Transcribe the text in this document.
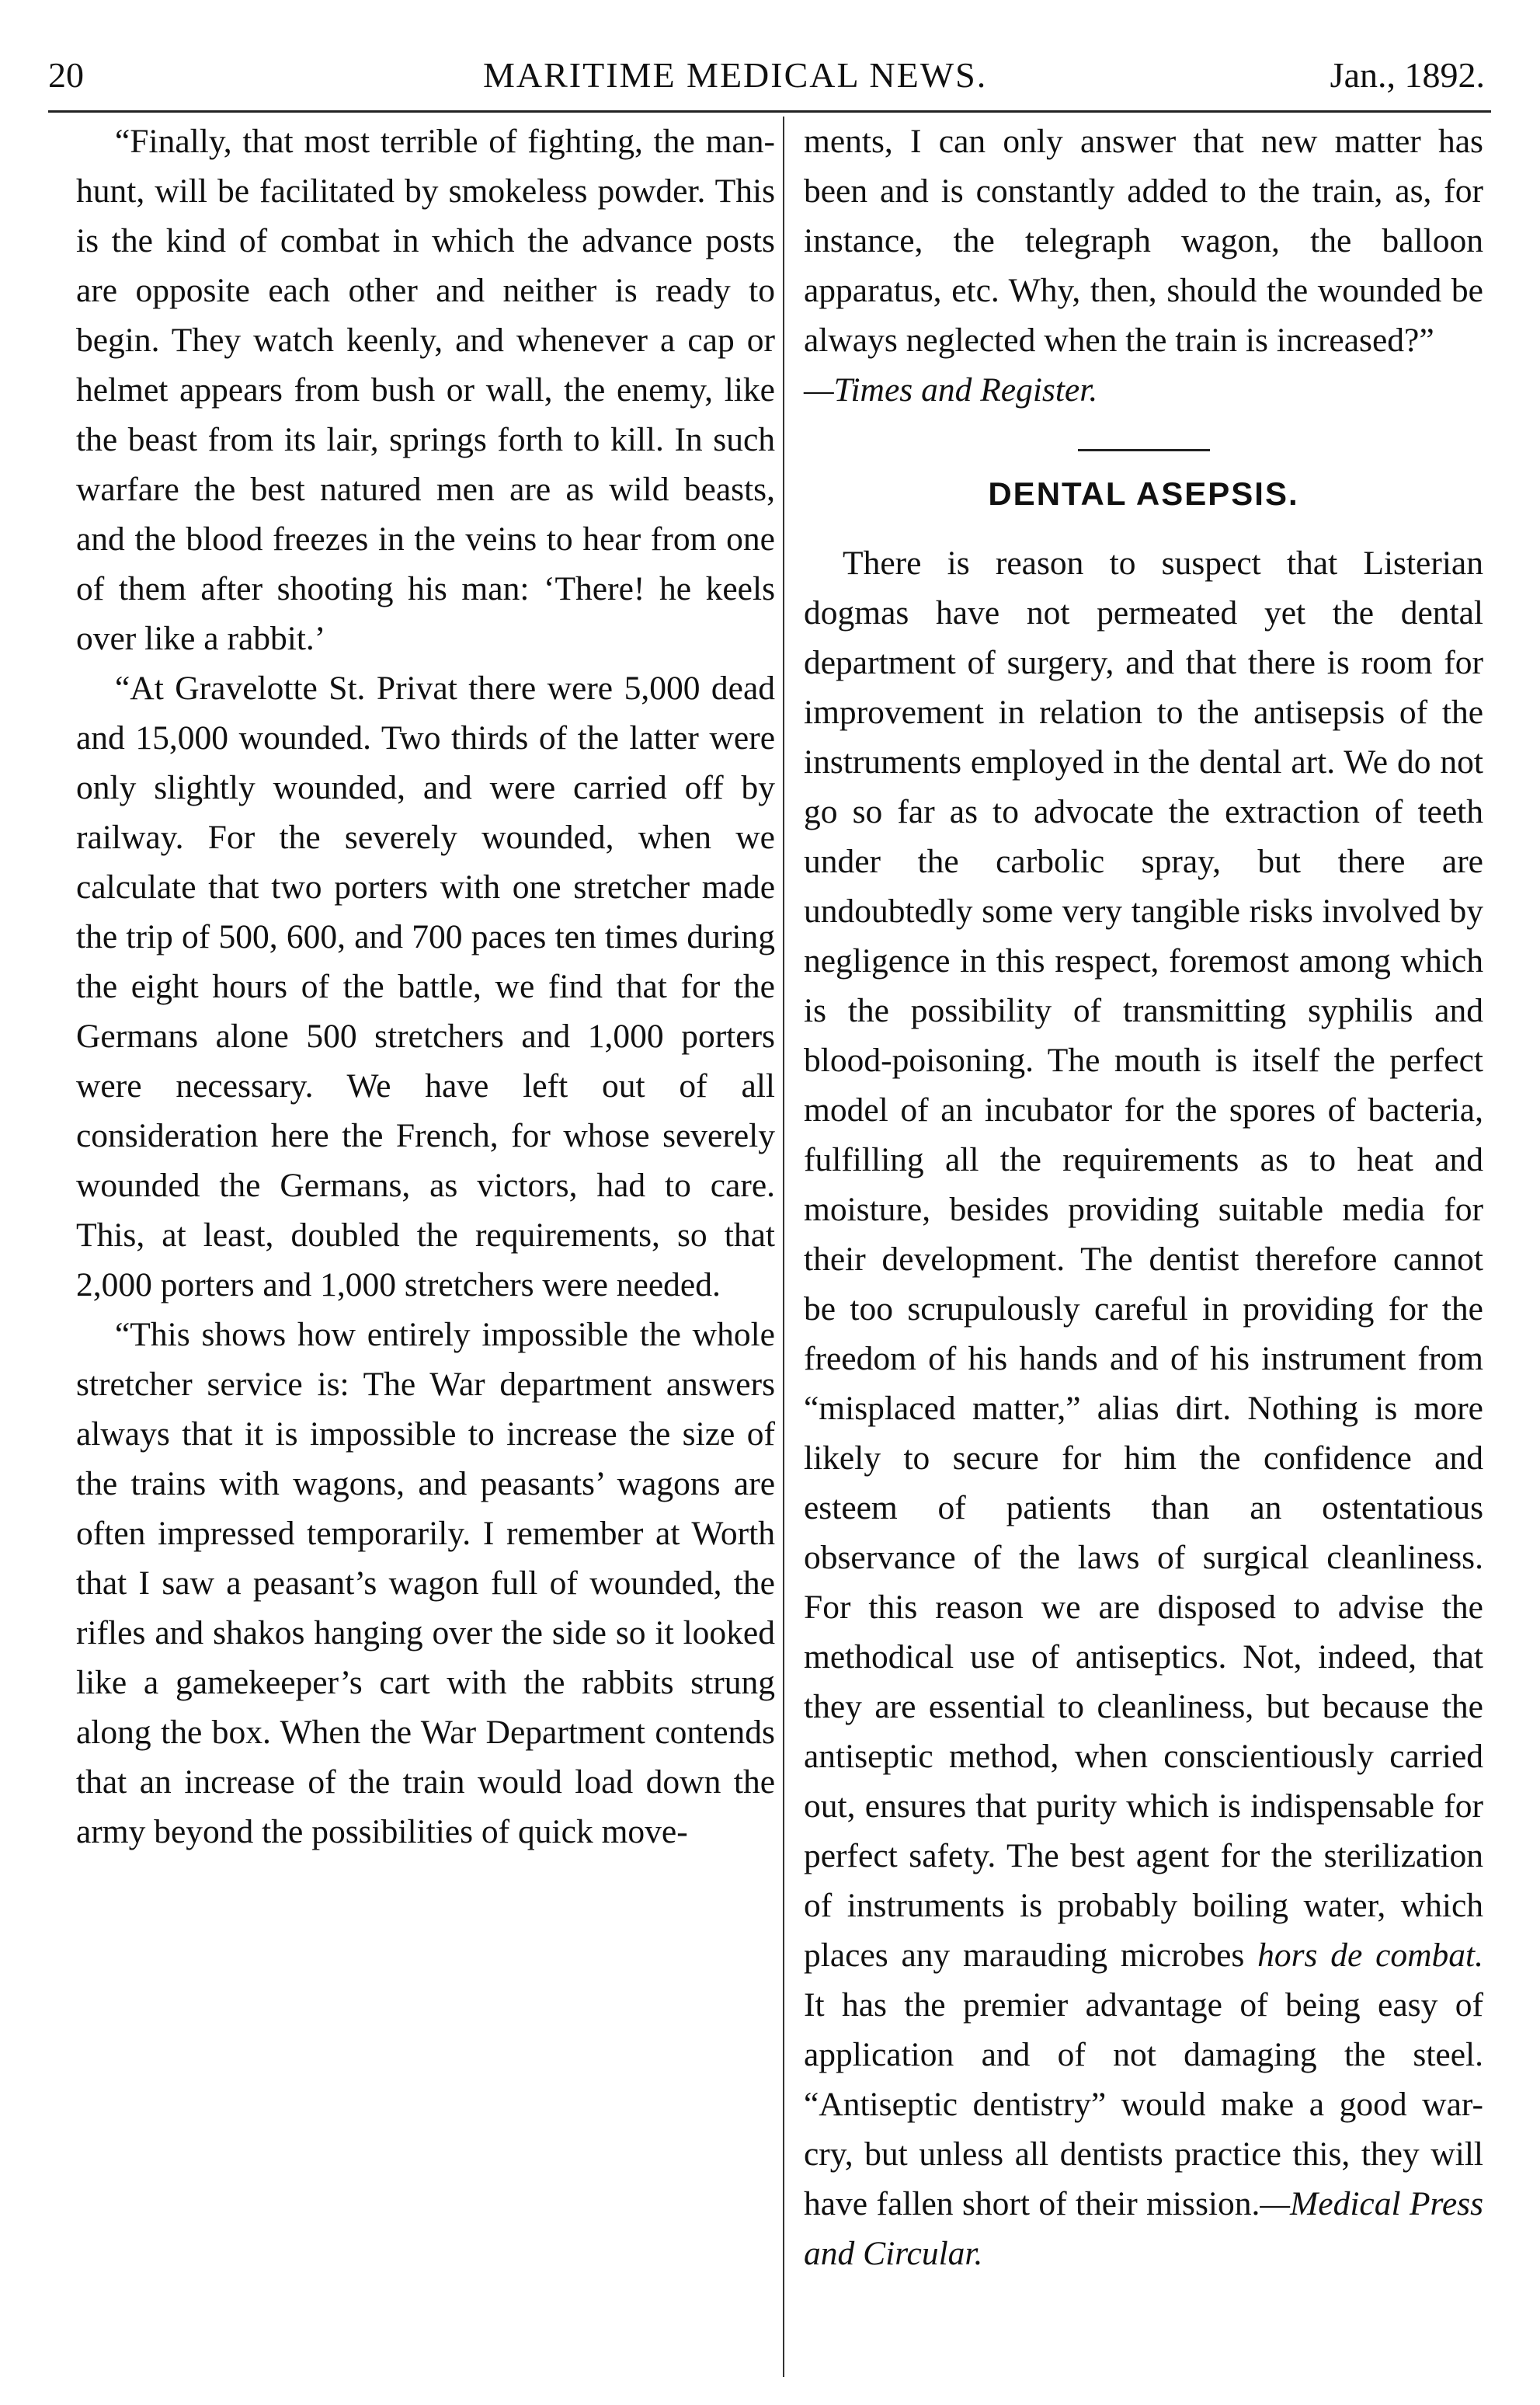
20	MARITIME MEDICAL NEWS.	Jan., 1892.

“Finally, that most terrible of fighting, the man-hunt, will be facilitated by smokeless powder. This is the kind of combat in which the advance posts are opposite each other and neither is ready to begin. They watch keenly, and whenever a cap or helmet appears from bush or wall, the enemy, like the beast from its lair, springs forth to kill. In such warfare the best natured men are as wild beasts, and the blood freezes in the veins to hear from one of them after shooting his man: ‘There! he keels over like a rabbit.’

“At Gravelotte St. Privat there were 5,000 dead and 15,000 wounded. Two thirds of the latter were only slightly wounded, and were carried off by railway. For the severely wounded, when we calculate that two porters with one stretcher made the trip of 500, 600, and 700 paces ten times during the eight hours of the battle, we find that for the Germans alone 500 stretchers and 1,000 porters were necessary. We have left out of all consideration here the French, for whose severely wounded the Germans, as victors, had to care. This, at least, doubled the requirements, so that 2,000 porters and 1,000 stretchers were needed.

“This shows how entirely impossible the whole stretcher service is: The War department answers always that it is impossible to increase the size of the trains with wagons, and peasants’ wagons are often impressed temporarily. I remember at Worth that I saw a peasant’s wagon full of wounded, the rifles and shakos hanging over the side so it looked like a gamekeeper’s cart with the rabbits strung along the box. When the War Department contends that an increase of the train would load down the army beyond the possibilities of quick move-

ments, I can only answer that new matter has been and is constantly added to the train, as, for instance, the telegraph wagon, the balloon apparatus, etc. Why, then, should the wounded be always neglected when the train is increased?”
—Times and Register.

DENTAL ASEPSIS.

There is reason to suspect that Listerian dogmas have not permeated yet the dental department of surgery, and that there is room for improvement in relation to the antisepsis of the instruments employed in the dental art. We do not go so far as to advocate the extraction of teeth under the carbolic spray, but there are undoubtedly some very tangible risks involved by negligence in this respect, foremost among which is the possibility of transmitting syphilis and blood-poisoning. The mouth is itself the perfect model of an incubator for the spores of bacteria, fulfilling all the requirements as to heat and moisture, besides providing suitable media for their development. The dentist therefore cannot be too scrupulously careful in providing for the freedom of his hands and of his instrument from “misplaced matter,” alias dirt. Nothing is more likely to secure for him the confidence and esteem of patients than an ostentatious observance of the laws of surgical cleanliness. For this reason we are disposed to advise the methodical use of antiseptics. Not, indeed, that they are essential to cleanliness, but because the antiseptic method, when conscientiously carried out, ensures that purity which is indispensable for perfect safety. The best agent for the sterilization of instruments is probably boiling water, which places any marauding microbes hors de combat. It has the premier advantage of being easy of application and of not damaging the steel. “Antiseptic dentistry” would make a good war-cry, but unless all dentists practice this, they will have fallen short of their mission.—Medical Press and Circular.
